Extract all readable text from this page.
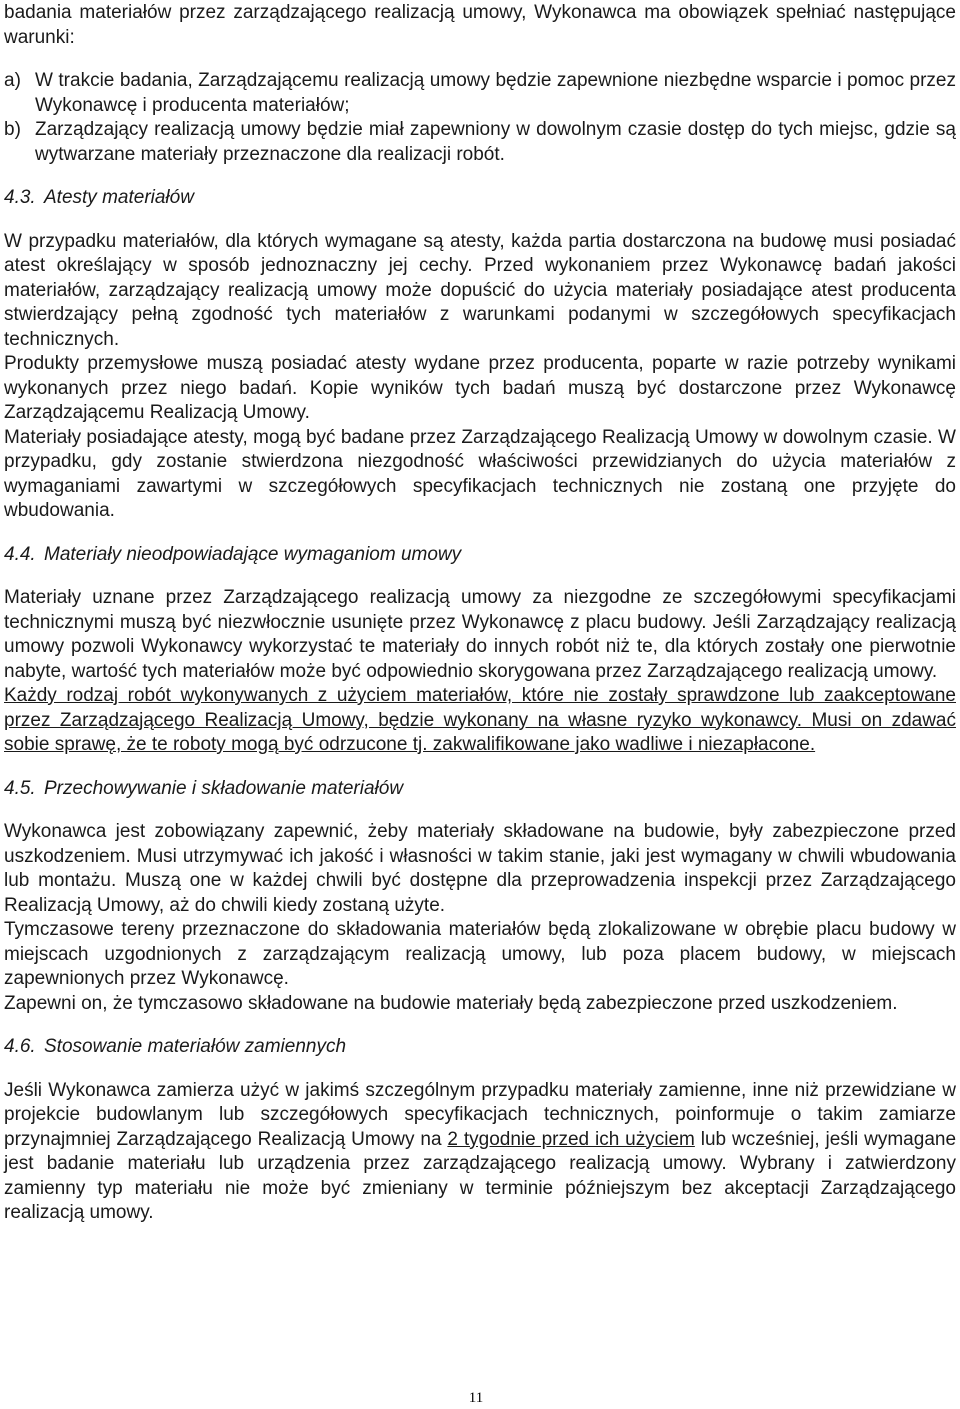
badania materiałów przez zarządzającego realizacją umowy, Wykonawca ma obowiązek spełniać następujące warunki:

a) W trakcie badania, Zarządzającemu realizacją umowy będzie zapewnione niezbędne wsparcie i pomoc przez Wykonawcę i producenta materiałów;
b) Zarządzający realizacją umowy będzie miał zapewniony w dowolnym czasie dostęp do tych miejsc, gdzie są wytwarzane materiały przeznaczone dla realizacji robót.
4.3. Atesty materiałów

W przypadku materiałów, dla których wymagane są atesty, każda partia dostarczona na budowę musi posiadać atest określający w sposób jednoznaczny jej cechy. Przed wykonaniem przez Wykonawcę badań jakości materiałów, zarządzający realizacją umowy może dopuścić do użycia materiały posiadające atest producenta stwierdzający pełną zgodność tych materiałów z warunkami podanymi w szczegółowych specyfikacjach technicznych.

Produkty przemysłowe muszą posiadać atesty wydane przez producenta, poparte w razie potrzeby wynikami wykonanych przez niego badań. Kopie wyników tych badań muszą być dostarczone przez Wykonawcę Zarządzającemu Realizacją Umowy.

Materiały posiadające atesty, mogą być badane przez Zarządzającego Realizacją Umowy w dowolnym czasie. W przypadku, gdy zostanie stwierdzona niezgodność właściwości przewidzianych do użycia materiałów z wymaganiami zawartymi w szczegółowych specyfikacjach technicznych nie zostaną one przyjęte do wbudowania.

4.4. Materiały nieodpowiadające wymaganiom umowy

Materiały uznane przez Zarządzającego realizacją umowy za niezgodne ze szczegółowymi specyfikacjami technicznymi muszą być niezwłocznie usunięte przez Wykonawcę z placu budowy. Jeśli Zarządzający realizacją umowy pozwoli Wykonawcy wykorzystać te materiały do innych robót niż te, dla których zostały one pierwotnie nabyte, wartość tych materiałów może być odpowiednio skorygowana przez Zarządzającego realizacją umowy.

Każdy rodzaj robót wykonywanych z użyciem materiałów, które nie zostały sprawdzone lub zaakceptowane przez Zarządzającego Realizacją Umowy, będzie wykonany na własne ryzyko wykonawcy. Musi on zdawać sobie sprawę, że te roboty mogą być odrzucone tj. zakwalifikowane jako wadliwe i niezapłacone.

4.5. Przechowywanie i składowanie materiałów

Wykonawca jest zobowiązany zapewnić, żeby materiały składowane na budowie, były zabezpieczone przed uszkodzeniem. Musi utrzymywać ich jakość i własności w takim stanie, jaki jest wymagany w chwili wbudowania lub montażu. Muszą one w każdej chwili być dostępne dla przeprowadzenia inspekcji przez Zarządzającego Realizacją Umowy, aż do chwili kiedy zostaną użyte.

Tymczasowe tereny przeznaczone do składowania materiałów będą zlokalizowane w obrębie placu budowy w miejscach uzgodnionych z zarządzającym realizacją umowy, lub poza placem budowy, w miejscach zapewnionych przez Wykonawcę.

Zapewni on, że tymczasowo składowane na budowie materiały będą zabezpieczone przed uszkodzeniem.

4.6. Stosowanie materiałów zamiennych

Jeśli Wykonawca zamierza użyć w jakimś szczególnym przypadku materiały zamienne, inne niż przewidziane w projekcie budowlanym lub szczegółowych specyfikacjach technicznych, poinformuje o takim zamiarze przynajmniej Zarządzającego Realizacją Umowy na 2 tygodnie przed ich użyciem lub wcześniej, jeśli wymagane jest badanie materiału lub urządzenia przez zarządzającego realizacją umowy. Wybrany i zatwierdzony zamienny typ materiału nie może być zmieniany w terminie późniejszym bez akceptacji Zarządzającego realizacją umowy.

11
